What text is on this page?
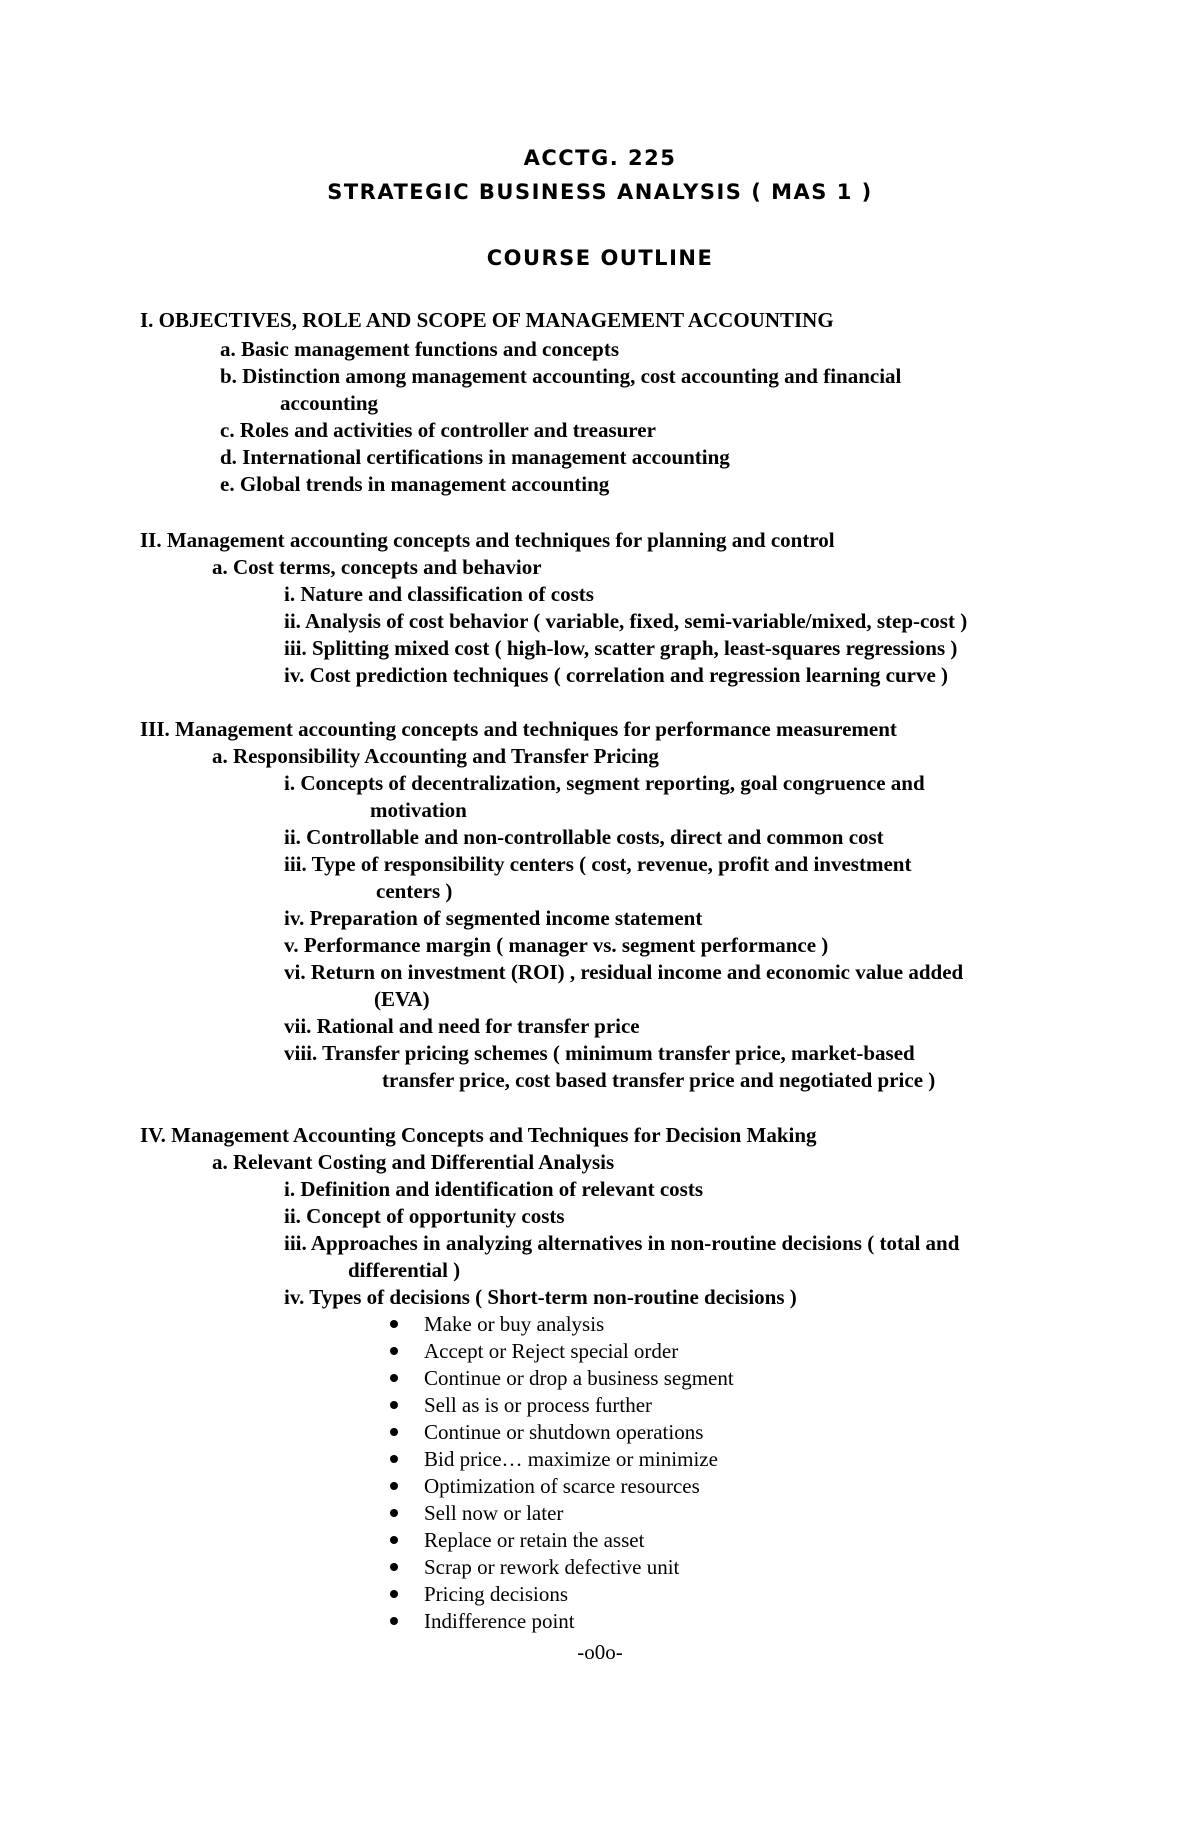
ACCTG. 225
STRATEGIC BUSINESS ANALYSIS ( MAS 1 )
COURSE OUTLINE
I. OBJECTIVES, ROLE AND SCOPE OF MANAGEMENT ACCOUNTING
a. Basic management functions and concepts
b. Distinction among management accounting, cost accounting and financial
accounting
c. Roles and activities of controller and treasurer
d. International certifications in management accounting
e. Global trends in management accounting
II. Management accounting concepts and techniques for planning and control
a. Cost terms, concepts and behavior
i. Nature and classification of costs
ii. Analysis of cost behavior ( variable, fixed, semi-variable/mixed, step-cost )
iii. Splitting mixed cost ( high-low, scatter graph, least-squares regressions )
iv. Cost prediction techniques ( correlation and regression learning curve )
III. Management accounting concepts and techniques for performance measurement
a. Responsibility Accounting and Transfer Pricing
i. Concepts of decentralization, segment reporting, goal congruence and
motivation
ii. Controllable and non-controllable costs, direct and common cost
iii. Type of responsibility centers ( cost, revenue, profit and investment
centers )
iv. Preparation of segmented income statement
v. Performance margin ( manager vs. segment performance )
vi. Return on investment (ROI) , residual income and economic value added
(EVA)
vii. Rational and need for transfer price
viii. Transfer pricing schemes ( minimum transfer price, market-based
transfer price, cost based transfer price and negotiated price )
IV. Management Accounting Concepts and Techniques for Decision Making
a. Relevant Costing and Differential Analysis
i. Definition and identification of relevant costs
ii. Concept of opportunity costs
iii. Approaches in analyzing alternatives in non-routine decisions ( total and
differential )
iv. Types of decisions ( Short-term non-routine decisions )
Make or buy analysis
Accept or Reject special order
Continue or drop a business segment
Sell as is or process further
Continue or shutdown operations
Bid price… maximize or minimize
Optimization of scarce resources
Sell now or later
Replace or retain the asset
Scrap or rework defective unit
Pricing decisions
Indifference point
-o0o-
